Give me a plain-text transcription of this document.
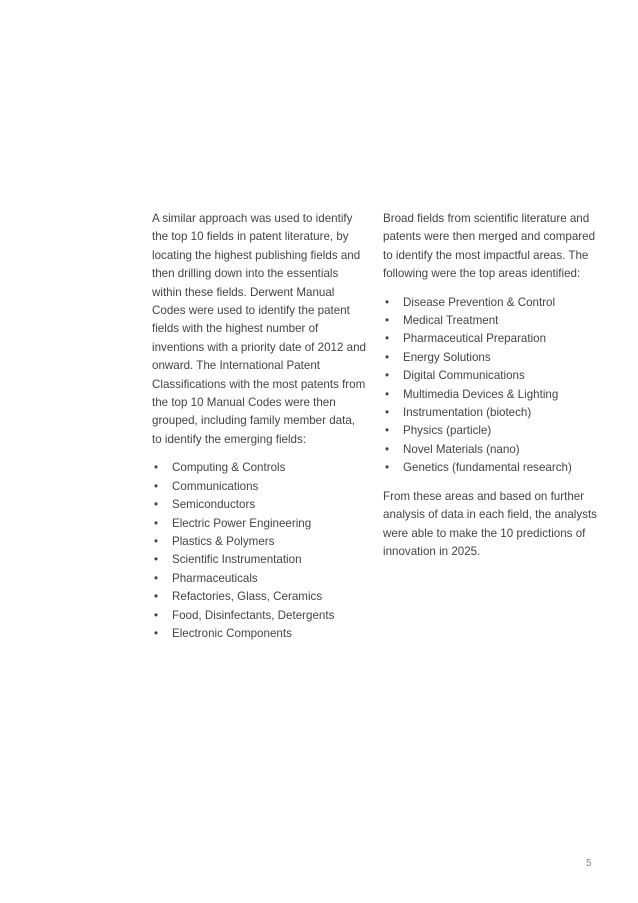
A similar approach was used to identify the top 10 fields in patent literature, by locating the highest publishing fields and then drilling down into the essentials within these fields. Derwent Manual Codes were used to identify the patent fields with the highest number of inventions with a priority date of 2012 and onward. The International Patent Classifications with the most patents from the top 10 Manual Codes were then grouped, including family member data, to identify the emerging fields:

• Computing & Controls
• Communications
• Semiconductors
• Electric Power Engineering
• Plastics & Polymers
• Scientific Instrumentation
• Pharmaceuticals
• Refactories, Glass, Ceramics
• Food, Disinfectants, Detergents
• Electronic Components

Broad fields from scientific literature and patents were then merged and compared to identify the most impactful areas. The following were the top areas identified:

• Disease Prevention & Control
• Medical Treatment
• Pharmaceutical Preparation
• Energy Solutions
• Digital Communications
• Multimedia Devices & Lighting
• Instrumentation (biotech)
• Physics (particle)
• Novel Materials (nano)
• Genetics (fundamental research)

From these areas and based on further analysis of data in each field, the analysts were able to make the 10 predictions of innovation in 2025.

5
